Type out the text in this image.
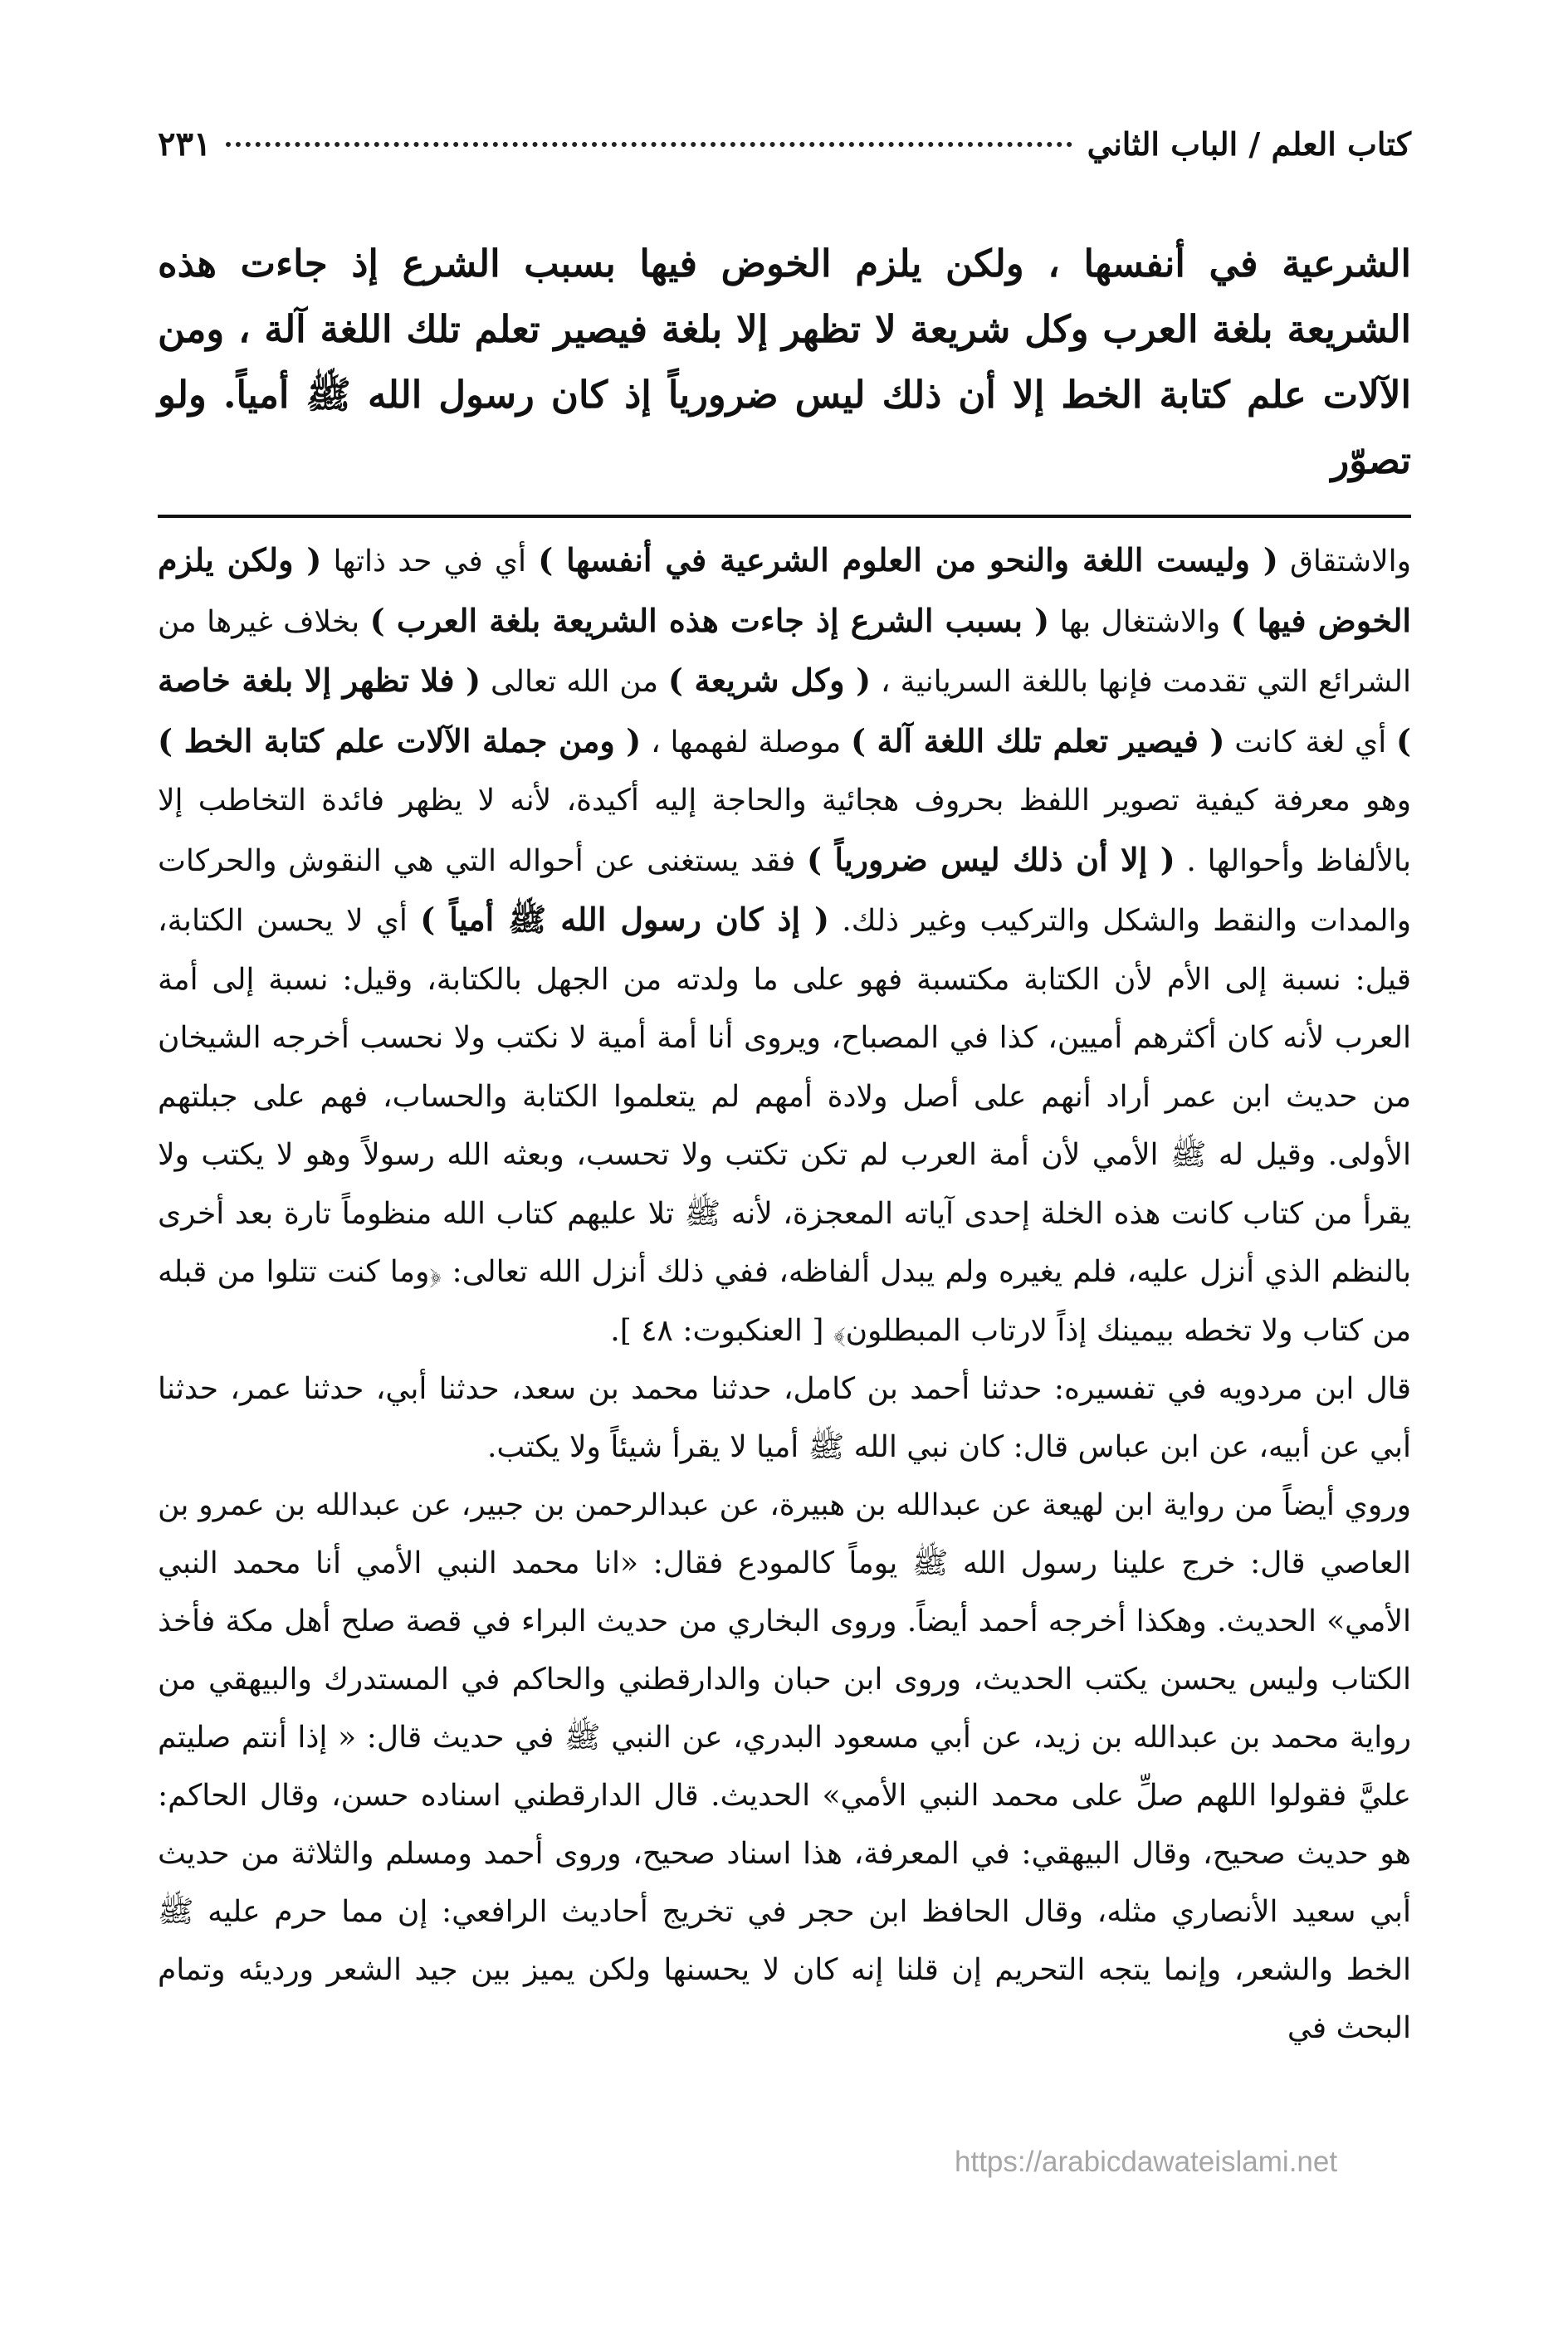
كتاب العلم / الباب الثاني
٢٣١
الشرعية في أنفسها ، ولكن يلزم الخوض فيها بسبب الشرع إذ جاءت هذه الشريعة بلغة العرب وكل شريعة لا تظهر إلا بلغة فيصير تعلم تلك اللغة آلة ، ومن الآلات علم كتابة الخط إلا أن ذلك ليس ضرورياً إذ كان رسول الله ﷺ أمياً. ولو تصوّر

والاشتقاق ( وليست اللغة والنحو من العلوم الشرعية في أنفسها ) أي في حد ذاتها ( ولكن يلزم الخوض فيها ) والاشتغال بها ( بسبب الشرع إذ جاءت هذه الشريعة بلغة العرب ) بخلاف غيرها من الشرائع التي تقدمت فإنها باللغة السريانية ، ( وكل شريعة ) من الله تعالى ( فلا تظهر إلا بلغة خاصة ) أي لغة كانت ( فيصير تعلم تلك اللغة آلة ) موصلة لفهمها ، ( ومن جملة الآلات علم كتابة الخط ) وهو معرفة كيفية تصوير اللفظ بحروف هجائية والحاجة إليه أكيدة، لأنه لا يظهر فائدة التخاطب إلا بالألفاظ وأحوالها . ( إلا أن ذلك ليس ضرورياً ) فقد يستغنى عن أحواله التي هي النقوش والحركات والمدات والنقط والشكل والتركيب وغير ذلك. ( إذ كان رسول الله ﷺ أمياً ) أي لا يحسن الكتابة، قيل: نسبة إلى الأم لأن الكتابة مكتسبة فهو على ما ولدته من الجهل بالكتابة، وقيل: نسبة إلى أمة العرب لأنه كان أكثرهم أميين، كذا في المصباح، ويروى أنا أمة أمية لا نكتب ولا نحسب أخرجه الشيخان من حديث ابن عمر أراد أنهم على أصل ولادة أمهم لم يتعلموا الكتابة والحساب، فهم على جبلتهم الأولى. وقيل له ﷺ الأمي لأن أمة العرب لم تكن تكتب ولا تحسب، وبعثه الله رسولاً وهو لا يكتب ولا يقرأ من كتاب كانت هذه الخلة إحدى آياته المعجزة، لأنه ﷺ تلا عليهم كتاب الله منظوماً تارة بعد أخرى بالنظم الذي أنزل عليه، فلم يغيره ولم يبدل ألفاظه، ففي ذلك أنزل الله تعالى: ﴿وما كنت تتلوا من قبله من كتاب ولا تخطه بيمينك إذاً لارتاب المبطلون﴾ [ العنكبوت: ٤٨ ].

قال ابن مردويه في تفسيره: حدثنا أحمد بن كامل، حدثنا محمد بن سعد، حدثنا أبي، حدثنا عمر، حدثنا أبي عن أبيه، عن ابن عباس قال: كان نبي الله ﷺ أميا لا يقرأ شيئاً ولا يكتب.

وروي أيضاً من رواية ابن لهيعة عن عبدالله بن هبيرة، عن عبدالرحمن بن جبير، عن عبدالله بن عمرو بن العاصي قال: خرج علينا رسول الله ﷺ يوماً كالمودع فقال: «انا محمد النبي الأمي أنا محمد النبي الأمي» الحديث. وهكذا أخرجه أحمد أيضاً. وروى البخاري من حديث البراء في قصة صلح أهل مكة فأخذ الكتاب وليس يحسن يكتب الحديث، وروى ابن حبان والدارقطني والحاكم في المستدرك والبيهقي من رواية محمد بن عبدالله بن زيد، عن أبي مسعود البدري، عن النبي ﷺ في حديث قال: « إذا أنتم صليتم عليَّ فقولوا اللهم صلِّ على محمد النبي الأمي» الحديث. قال الدارقطني اسناده حسن، وقال الحاكم: هو حديث صحيح، وقال البيهقي: في المعرفة، هذا اسناد صحيح، وروى أحمد ومسلم والثلاثة من حديث أبي سعيد الأنصاري مثله، وقال الحافظ ابن حجر في تخريج أحاديث الرافعي: إن مما حرم عليه ﷺ الخط والشعر، وإنما يتجه التحريم إن قلنا إنه كان لا يحسنها ولكن يميز بين جيد الشعر ورديئه وتمام البحث في

https://arabicdawateislami.net
